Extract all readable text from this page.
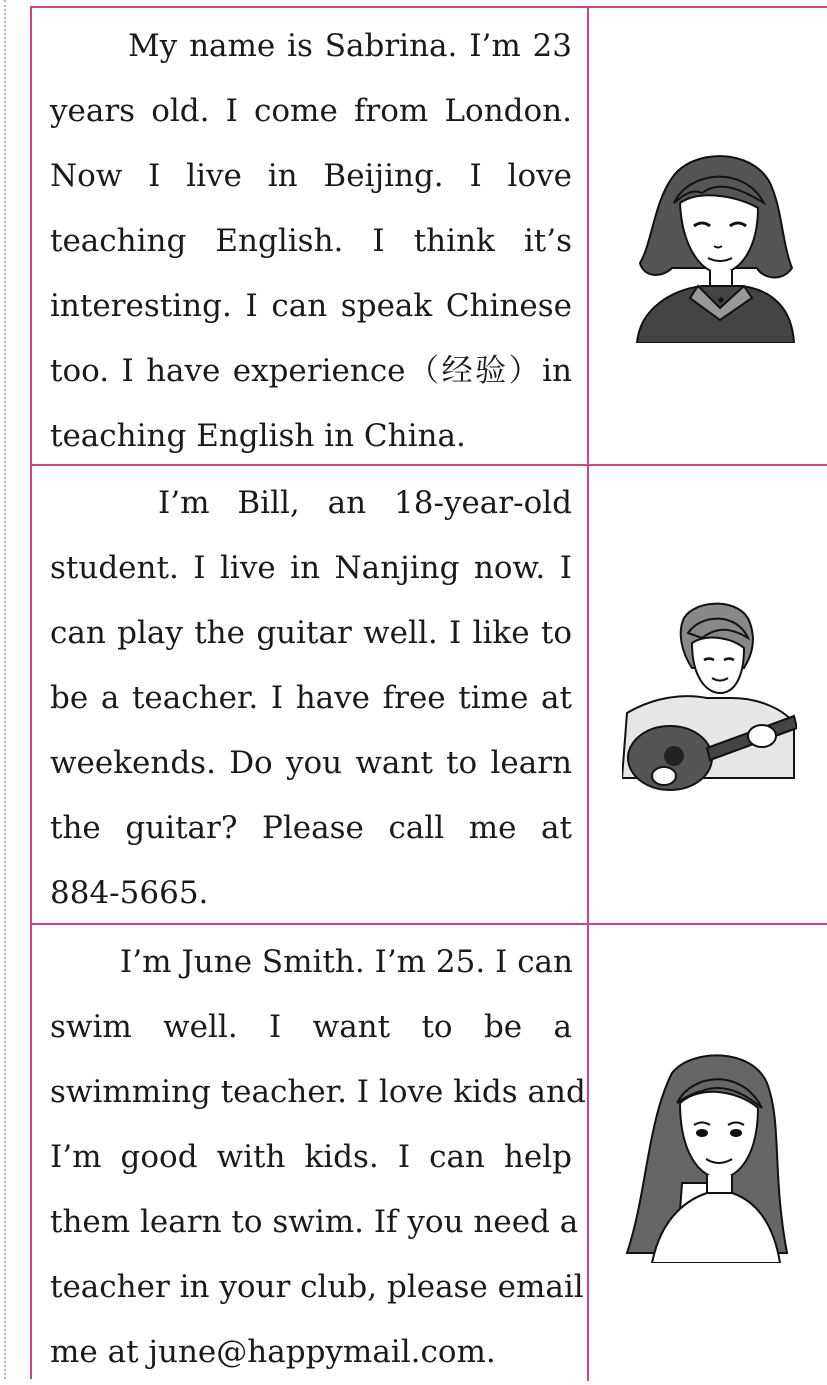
My name is Sabrina. I’m 23
years old. I come from London.
Now I live in Beijing. I love
teaching English. I think it’s
interesting. I can speak Chinese
too. I have experience（经验）in
teaching English in China.
I’m Bill, an 18-year-old
student. I live in Nanjing now. I
can play the guitar well. I like to
be a teacher. I have free time at
weekends. Do you want to learn
the guitar? Please call me at
884-5665.
I’m June Smith. I’m 25. I can
swim well. I want to be a
swimming teacher. I love kids and
I’m good with kids. I can help
them learn to swim. If you need a
teacher in your club, please email
me at june@happymail.com.
